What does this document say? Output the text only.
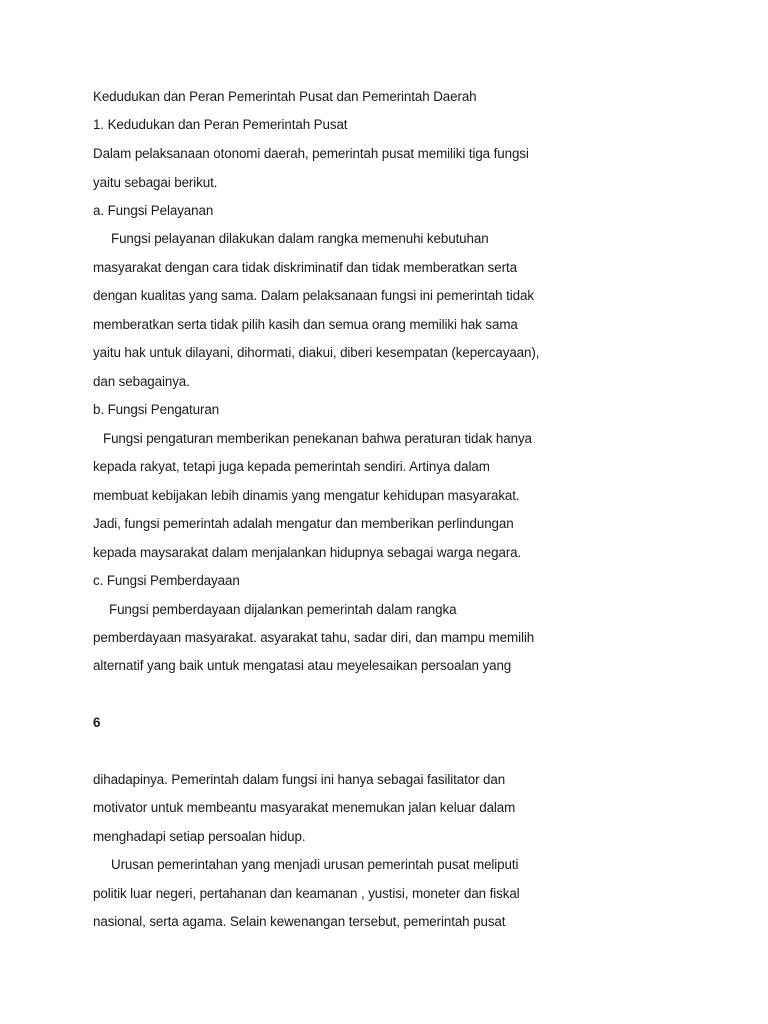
Kedudukan dan Peran Pemerintah Pusat dan Pemerintah Daerah
1. Kedudukan dan Peran Pemerintah Pusat
Dalam pelaksanaan otonomi daerah, pemerintah pusat memiliki tiga fungsi
yaitu sebagai berikut.
a. Fungsi Pelayanan
Fungsi pelayanan dilakukan dalam rangka memenuhi kebutuhan
masyarakat dengan cara tidak diskriminatif dan tidak memberatkan serta
dengan kualitas yang sama. Dalam pelaksanaan fungsi ini pemerintah tidak
memberatkan serta tidak pilih kasih dan semua orang memiliki hak sama
yaitu hak untuk dilayani, dihormati, diakui, diberi kesempatan (kepercayaan),
dan sebagainya.
b. Fungsi Pengaturan
Fungsi pengaturan memberikan penekanan bahwa peraturan tidak hanya
kepada rakyat, tetapi juga kepada pemerintah sendiri. Artinya dalam
membuat kebijakan lebih dinamis yang mengatur kehidupan masyarakat.
Jadi, fungsi pemerintah adalah mengatur dan memberikan perlindungan
kepada maysarakat dalam menjalankan hidupnya sebagai warga negara.
c. Fungsi Pemberdayaan
Fungsi pemberdayaan dijalankan pemerintah dalam rangka
pemberdayaan masyarakat. asyarakat tahu, sadar diri, dan mampu memilih
alternatif yang baik untuk mengatasi atau meyelesaikan persoalan yang
6
dihadapinya. Pemerintah dalam fungsi ini hanya sebagai fasilitator dan
motivator untuk membeantu masyarakat menemukan jalan keluar dalam
menghadapi setiap persoalan hidup.
Urusan pemerintahan yang menjadi urusan pemerintah pusat meliputi
politik luar negeri, pertahanan dan keamanan , yustisi, moneter dan fiskal
nasional, serta agama. Selain kewenangan tersebut, pemerintah pusat
